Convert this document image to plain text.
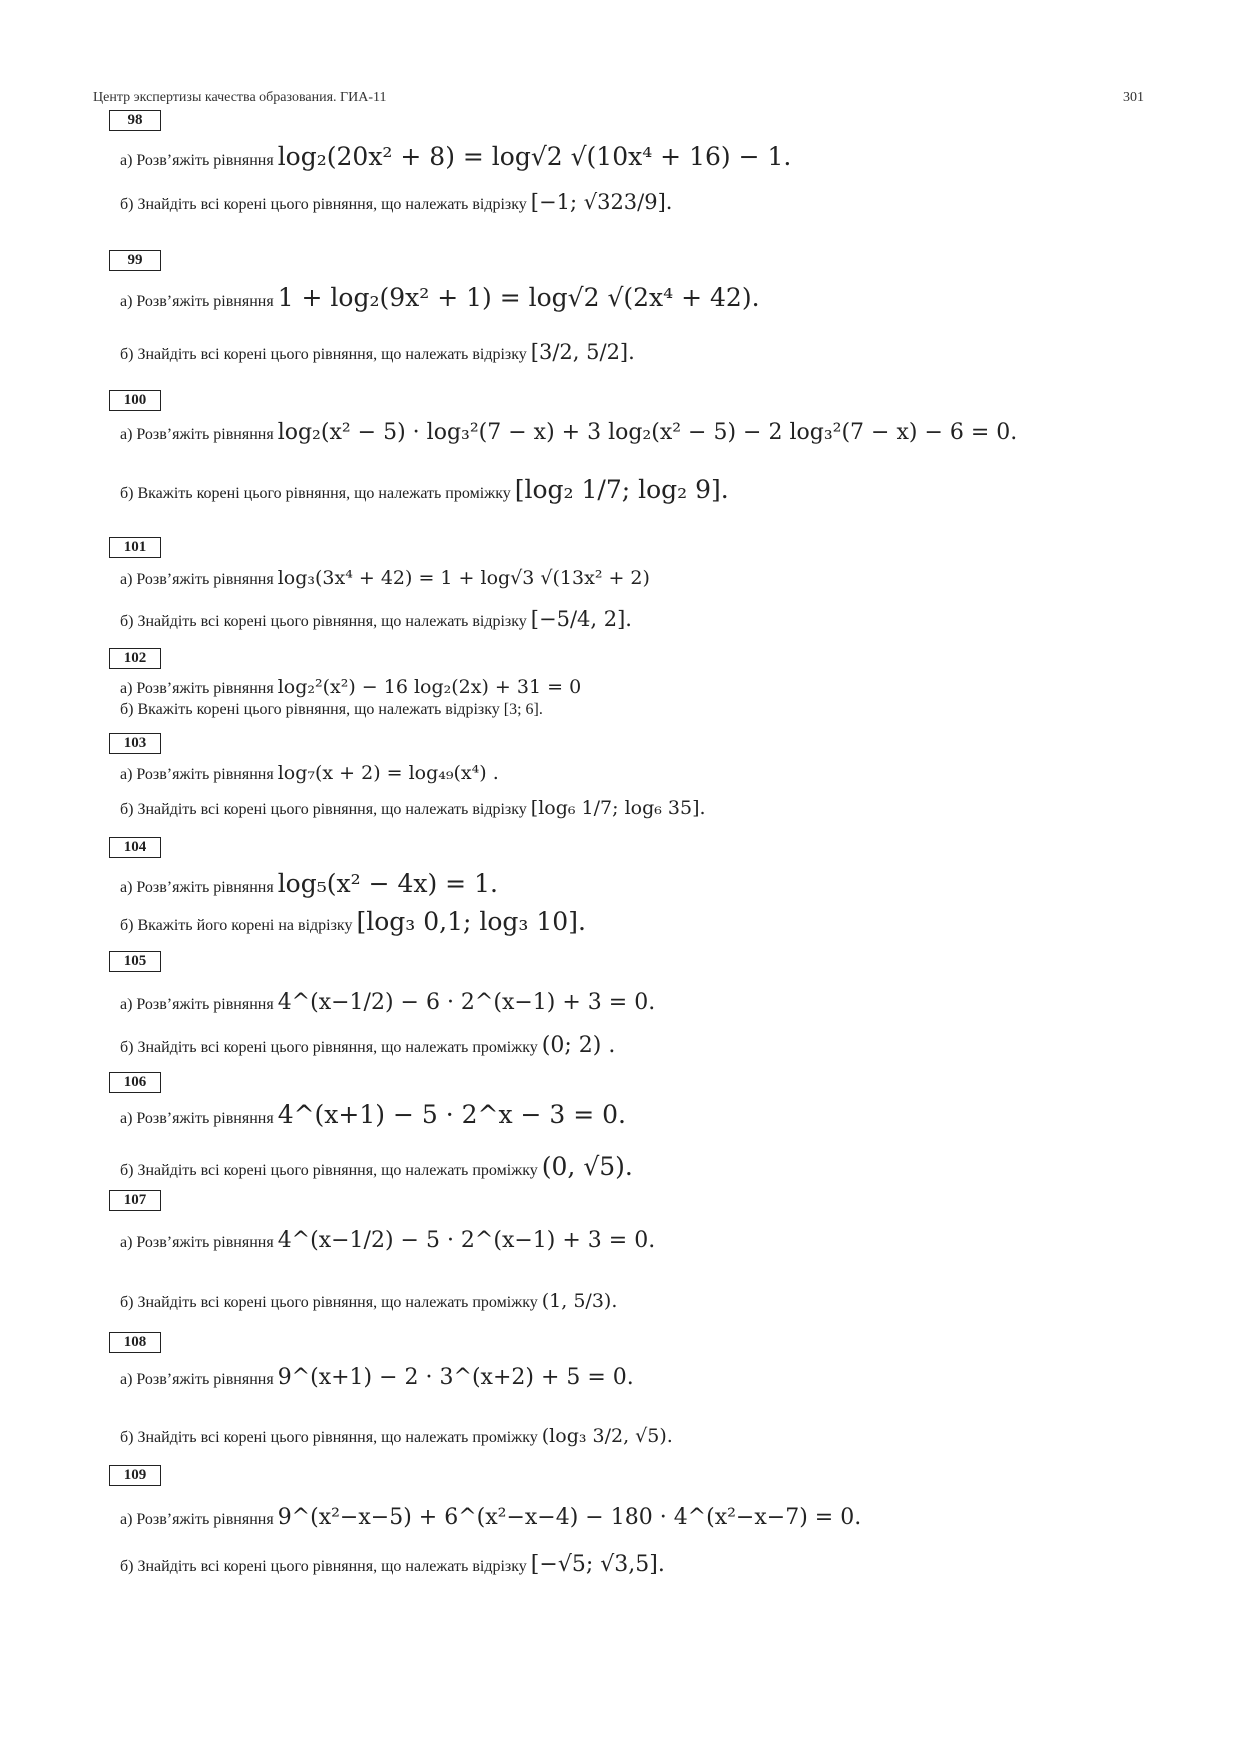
Центр экспертизы качества образования. ГИА-11	301
98
а) Розв’яжіть рівняння log₂(20x² + 8) = log√2 √(10x⁴ + 16) − 1.
б) Знайдіть всі корені цього рівняння, що належать відрізку [−1; √323/9].
99
а) Розв’яжіть рівняння 1 + log₂(9x² + 1) = log√2 √(2x⁴ + 42).
б) Знайдіть всі корені цього рівняння, що належать відрізку [3/2, 5/2].
100
а) Розв’яжіть рівняння log₂(x² − 5) · log₃²(7 − x) + 3 log₂(x² − 5) − 2 log₃²(7 − x) − 6 = 0.
б) Вкажіть корені цього рівняння, що належать проміжку [log₂ 1/7; log₂ 9].
101
а) Розв’яжіть рівняння log₃(3x⁴ + 42) = 1 + log√3 √(13x² + 2)
б) Знайдіть всі корені цього рівняння, що належать відрізку [−5/4, 2].
102
а) Розв’яжіть рівняння log₂²(x²) − 16 log₂(2x) + 31 = 0
б) Вкажіть корені цього рівняння, що належать відрізку [3; 6].
103
а) Розв’яжіть рівняння log₇(x + 2) = log₄₉(x⁴) .
б) Знайдіть всі корені цього рівняння, що належать відрізку [log₆ 1/7; log₆ 35].
104
а) Розв’яжіть рівняння log₅(x² − 4x) = 1.
б) Вкажіть його корені на відрізку [log₃ 0,1; log₃ 10].
105
а) Розв’яжіть рівняння 4^(x−1/2) − 6 · 2^(x−1) + 3 = 0.
б) Знайдіть всі корені цього рівняння, що належать проміжку (0; 2) .
106
а) Розв’яжіть рівняння 4^(x+1) − 5 · 2^x − 3 = 0.
б) Знайдіть всі корені цього рівняння, що належать проміжку (0, √5).
107
а) Розв’яжіть рівняння 4^(x−1/2) − 5 · 2^(x−1) + 3 = 0.
б) Знайдіть всі корені цього рівняння, що належать проміжку (1, 5/3).
108
а) Розв’яжіть рівняння 9^(x+1) − 2 · 3^(x+2) + 5 = 0.
б) Знайдіть всі корені цього рівняння, що належать проміжку (log₃ 3/2, √5).
109
а) Розв’яжіть рівняння 9^(x²−x−5) + 6^(x²−x−4) − 180 · 4^(x²−x−7) = 0.
б) Знайдіть всі корені цього рівняння, що належать відрізку [−√5; √3,5].
